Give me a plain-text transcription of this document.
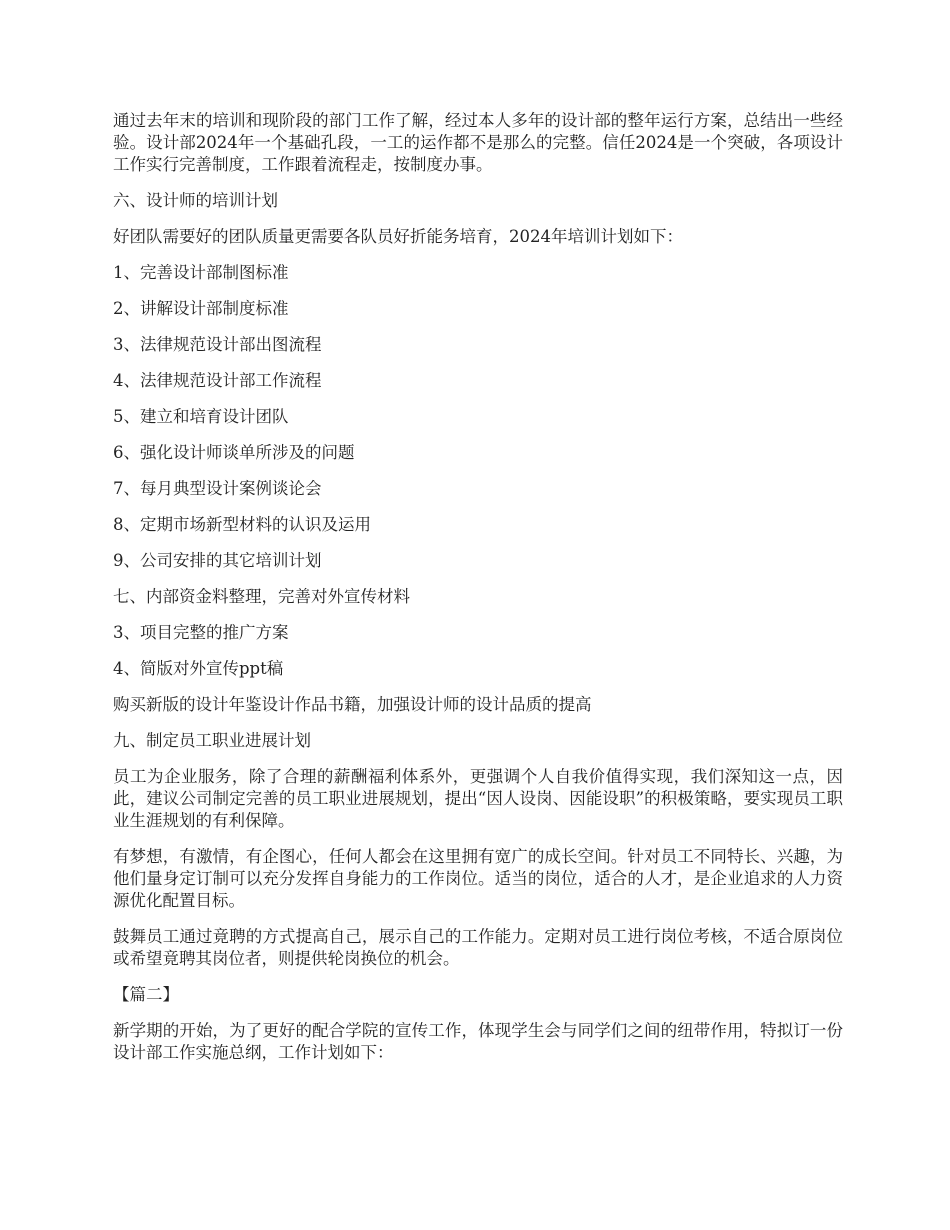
通过去年末的培训和现阶段的部门工作了解，经过本人多年的设计部的整年运行方案，总结出一些经验。设计部2024年一个基础孔段，一工的运作都不是那么的完整。信任2024是一个突破，各项设计工作实行完善制度，工作跟着流程走，按制度办事。

六、设计师的培训计划

好团队需要好的团队质量更需要各队员好折能务培育，2024年培训计划如下：

1、完善设计部制图标准

2、讲解设计部制度标准

3、法律规范设计部出图流程

4、法律规范设计部工作流程

5、建立和培育设计团队

6、强化设计师谈单所涉及的问题

7、每月典型设计案例谈论会

8、定期市场新型材料的认识及运用

9、公司安排的其它培训计划

七、内部资金料整理，完善对外宣传材料

3、项目完整的推广方案

4、简版对外宣传ppt稿

购买新版的设计年鉴设计作品书籍，加强设计师的设计品质的提高

九、制定员工职业进展计划

员工为企业服务，除了合理的薪酬福利体系外，更强调个人自我价值得实现，我们深知这一点，因此，建议公司制定完善的员工职业进展规划，提出“因人设岗、因能设职”的积极策略，要实现员工职业生涯规划的有利保障。

有梦想，有激情，有企图心，任何人都会在这里拥有宽广的成长空间。针对员工不同特长、兴趣，为他们量身定订制可以充分发挥自身能力的工作岗位。适当的岗位，适合的人才，是企业追求的人力资源优化配置目标。

鼓舞员工通过竟聘的方式提高自己，展示自己的工作能力。定期对员工进行岗位考核，不适合原岗位或希望竟聘其岗位者，则提供轮岗换位的机会。

【篇二】

新学期的开始，为了更好的配合学院的宣传工作，体现学生会与同学们之间的纽带作用，特拟订一份设计部工作实施总纲，工作计划如下：
